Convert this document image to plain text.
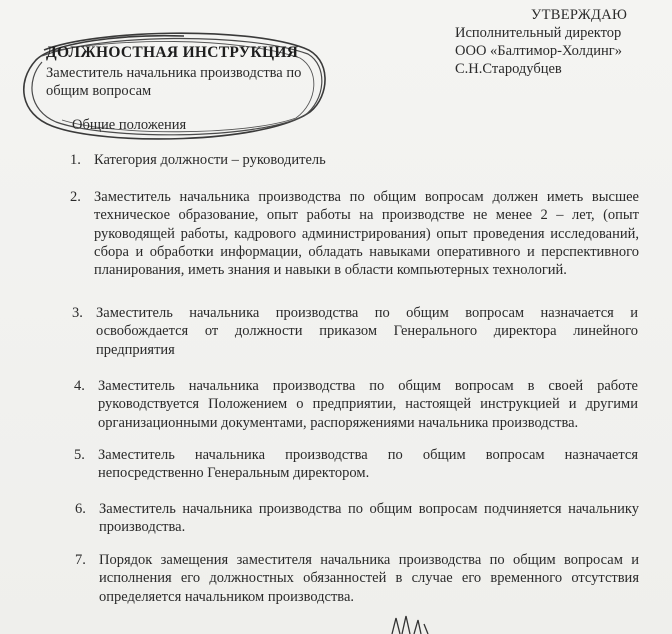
УТВЕРЖДАЮ
Исполнительный директор
ООО «Балтимор-Холдинг»
С.Н.Стародубцев
ДОЛЖНОСТНАЯ ИНСТРУКЦИЯ
Заместитель начальника производства по общим вопросам
Общие положения
1. Категория должности – руководитель
2. Заместитель начальника производства по общим вопросам должен иметь высшее техническое образование, опыт работы на производстве не менее 2 – лет, (опыт руководящей работы, кадрового администрирования) опыт проведения исследований, сбора и обработки информации, обладать навыками оперативного и перспективного планирования, иметь знания и навыки в области компьютерных технологий.
3. Заместитель начальника производства по общим вопросам назначается и освобождается от должности приказом Генерального директора линейного предприятия
4. Заместитель начальника производства по общим вопросам в своей работе руководствуется Положением о предприятии, настоящей инструкцией и другими организационными документами, распоряжениями начальника производства.
5. Заместитель начальника производства по общим вопросам назначается непосредственно Генеральным директором.
6. Заместитель начальника производства по общим вопросам подчиняется начальнику производства.
7. Порядок замещения заместителя начальника производства по общим вопросам и исполнения его должностных обязанностей в случае его временного отсутствия определяется начальником производства.
